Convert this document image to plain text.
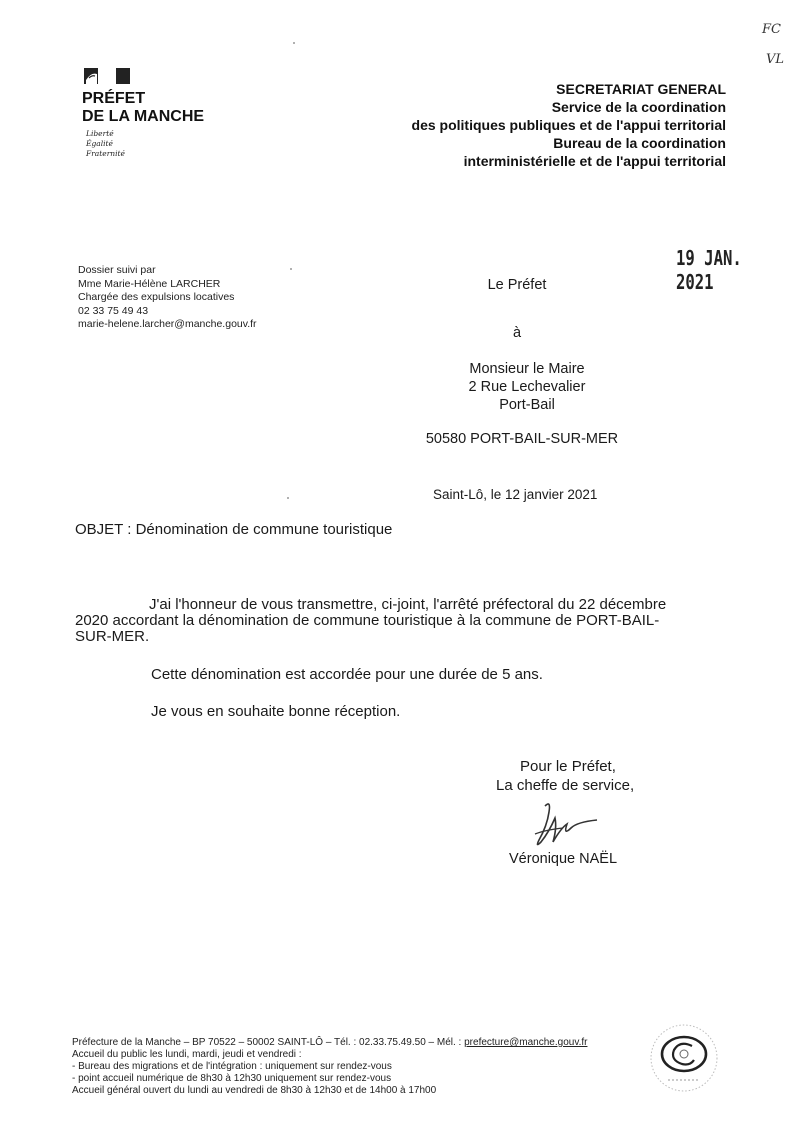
FC
VL
PRÉFET
DE LA MANCHE
Liberté
Égalité
Fraternité
SECRETARIAT GENERAL
Service de la coordination
des politiques publiques et de l'appui territorial
Bureau de la coordination
interministérielle et de l'appui territorial
19 JAN. 2021
Dossier suivi par
Mme Marie-Hélène LARCHER
Chargée des expulsions locatives
02 33 75 49 43
marie-helene.larcher@manche.gouv.fr
Le Préfet
à
Monsieur le Maire
2 Rue Lechevalier
Port-Bail
50580 PORT-BAIL-SUR-MER
Saint-Lô, le 12 janvier 2021
OBJET : Dénomination de commune touristique
J'ai l'honneur de vous transmettre, ci-joint, l'arrêté préfectoral du 22 décembre
2020 accordant la dénomination de commune touristique à la commune de PORT-BAIL-
SUR-MER.
Cette dénomination est accordée pour une durée de 5 ans.
Je vous en souhaite bonne réception.
Pour le Préfet,
La cheffe de service,
Véronique NAËL
Préfecture de la Manche – BP 70522 – 50002 SAINT-LÔ – Tél. : 02.33.75.49.50 – Mél. : prefecture@manche.gouv.fr
Accueil du public les lundi, mardi, jeudi et vendredi :
- Bureau des migrations et de l'intégration : uniquement sur rendez-vous
- point accueil numérique de 8h30 à 12h30 uniquement sur rendez-vous
Accueil général ouvert du lundi au vendredi de 8h30 à 12h30 et de 14h00 à 17h00
